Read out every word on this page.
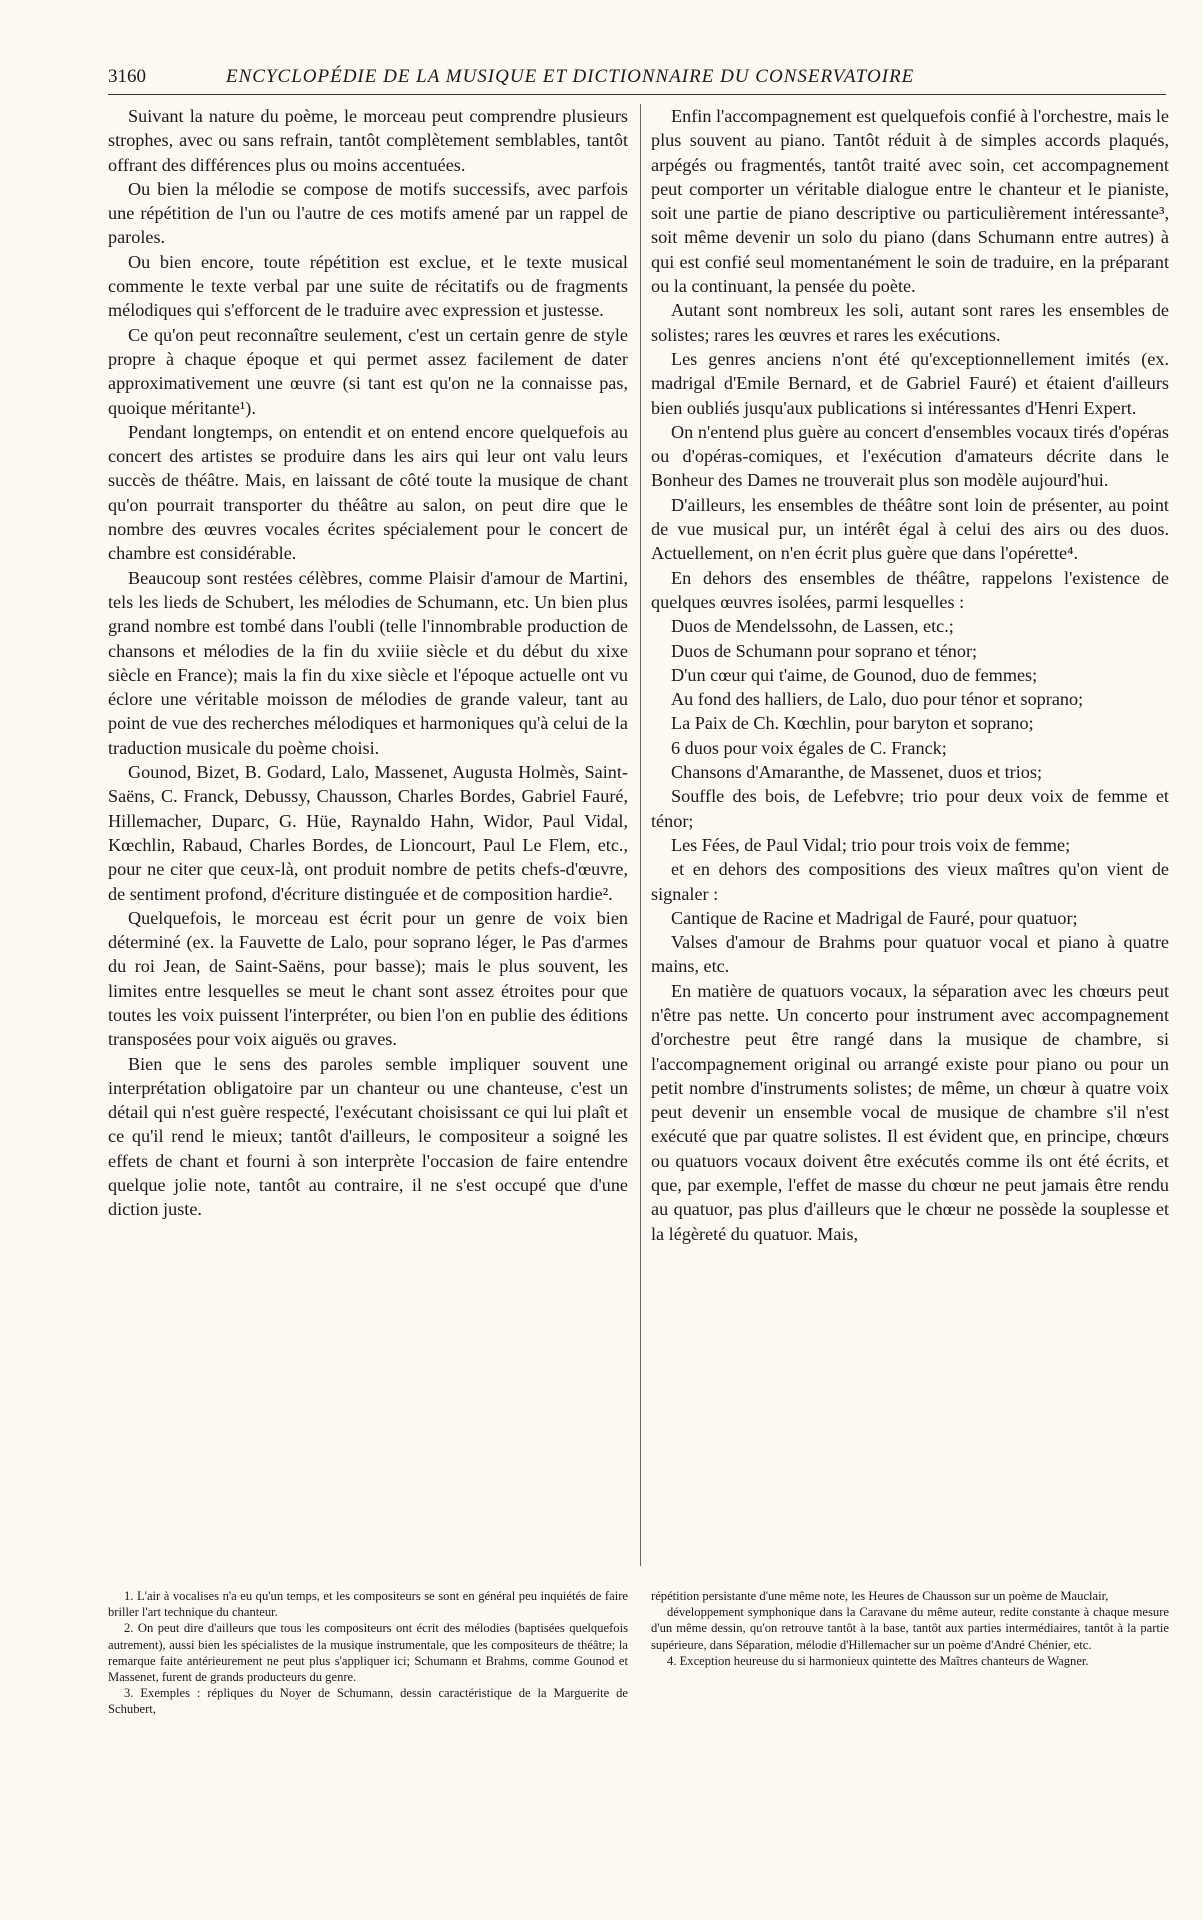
3160	ENCYCLOPÉDIE DE LA MUSIQUE ET DICTIONNAIRE DU CONSERVATOIRE

Suivant la nature du poème, le morceau peut comprendre plusieurs strophes, avec ou sans refrain, tantôt complètement semblables, tantôt offrant des différences plus ou moins accentuées.

Ou bien la mélodie se compose de motifs successifs, avec parfois une répétition de l'un ou l'autre de ces motifs amené par un rappel de paroles.

Ou bien encore, toute répétition est exclue, et le texte musical commente le texte verbal par une suite de récitatifs ou de fragments mélodiques qui s'efforcent de le traduire avec expression et justesse.

Ce qu'on peut reconnaître seulement, c'est un certain genre de style propre à chaque époque et qui permet assez facilement de dater approximativement une œuvre (si tant est qu'on ne la connaisse pas, quoique méritante¹).

Pendant longtemps, on entendit et on entend encore quelquefois au concert des artistes se produire dans les airs qui leur ont valu leurs succès de théâtre. Mais, en laissant de côté toute la musique de chant qu'on pourrait transporter du théâtre au salon, on peut dire que le nombre des œuvres vocales écrites spécialement pour le concert de chambre est considérable.

Beaucoup sont restées célèbres, comme Plaisir d'amour de Martini, tels les lieds de Schubert, les mélodies de Schumann, etc. Un bien plus grand nombre est tombé dans l'oubli (telle l'innombrable production de chansons et mélodies de la fin du xviiie siècle et du début du xixe siècle en France); mais la fin du xixe siècle et l'époque actuelle ont vu éclore une véritable moisson de mélodies de grande valeur, tant au point de vue des recherches mélodiques et harmoniques qu'à celui de la traduction musicale du poème choisi.

Gounod, Bizet, B. Godard, Lalo, Massenet, Augusta Holmès, Saint-Saëns, C. Franck, Debussy, Chausson, Charles Bordes, Gabriel Fauré, Hillemacher, Duparc, G. Hüe, Raynaldo Hahn, Widor, Paul Vidal, Kœchlin, Rabaud, Charles Bordes, de Lioncourt, Paul Le Flem, etc., pour ne citer que ceux-là, ont produit nombre de petits chefs-d'œuvre, de sentiment profond, d'écriture distinguée et de composition hardie².

Quelquefois, le morceau est écrit pour un genre de voix bien déterminé (ex. la Fauvette de Lalo, pour soprano léger, le Pas d'armes du roi Jean, de Saint-Saëns, pour basse); mais le plus souvent, les limites entre lesquelles se meut le chant sont assez étroites pour que toutes les voix puissent l'interpréter, ou bien l'on en publie des éditions transposées pour voix aiguës ou graves.

Bien que le sens des paroles semble impliquer souvent une interprétation obligatoire par un chanteur ou une chanteuse, c'est un détail qui n'est guère respecté, l'exécutant choisissant ce qui lui plaît et ce qu'il rend le mieux; tantôt d'ailleurs, le compositeur a soigné les effets de chant et fourni à son interprète l'occasion de faire entendre quelque jolie note, tantôt au contraire, il ne s'est occupé que d'une diction juste.

Enfin l'accompagnement est quelquefois confié à l'orchestre, mais le plus souvent au piano. Tantôt réduit à de simples accords plaqués, arpégés ou fragmentés, tantôt traité avec soin, cet accompagnement peut comporter un véritable dialogue entre le chanteur et le pianiste, soit une partie de piano descriptive ou particulièrement intéressante³, soit même devenir un solo du piano (dans Schumann entre autres) à qui est confié seul momentanément le soin de traduire, en la préparant ou la continuant, la pensée du poète.

Autant sont nombreux les soli, autant sont rares les ensembles de solistes; rares les œuvres et rares les exécutions.

Les genres anciens n'ont été qu'exceptionnellement imités (ex. madrigal d'Emile Bernard, et de Gabriel Fauré) et étaient d'ailleurs bien oubliés jusqu'aux publications si intéressantes d'Henri Expert.

On n'entend plus guère au concert d'ensembles vocaux tirés d'opéras ou d'opéras-comiques, et l'exécution d'amateurs décrite dans le Bonheur des Dames ne trouverait plus son modèle aujourd'hui.

D'ailleurs, les ensembles de théâtre sont loin de présenter, au point de vue musical pur, un intérêt égal à celui des airs ou des duos. Actuellement, on n'en écrit plus guère que dans l'opérette⁴.

En dehors des ensembles de théâtre, rappelons l'existence de quelques œuvres isolées, parmi lesquelles :

Duos de Mendelssohn, de Lassen, etc.;

Duos de Schumann pour soprano et ténor;

D'un cœur qui t'aime, de Gounod, duo de femmes;

Au fond des halliers, de Lalo, duo pour ténor et soprano;

La Paix de Ch. Kœchlin, pour baryton et soprano;

6 duos pour voix égales de C. Franck;

Chansons d'Amaranthe, de Massenet, duos et trios;

Souffle des bois, de Lefebvre; trio pour deux voix de femme et ténor;

Les Fées, de Paul Vidal; trio pour trois voix de femme;

et en dehors des compositions des vieux maîtres qu'on vient de signaler :

Cantique de Racine et Madrigal de Fauré, pour quatuor;

Valses d'amour de Brahms pour quatuor vocal et piano à quatre mains, etc.

En matière de quatuors vocaux, la séparation avec les chœurs peut n'être pas nette. Un concerto pour instrument avec accompagnement d'orchestre peut être rangé dans la musique de chambre, si l'accompagnement original ou arrangé existe pour piano ou pour un petit nombre d'instruments solistes; de même, un chœur à quatre voix peut devenir un ensemble vocal de musique de chambre s'il n'est exécuté que par quatre solistes. Il est évident que, en principe, chœurs ou quatuors vocaux doivent être exécutés comme ils ont été écrits, et que, par exemple, l'effet de masse du chœur ne peut jamais être rendu au quatuor, pas plus d'ailleurs que le chœur ne possède la souplesse et la légèreté du quatuor. Mais,

1. L'air à vocalises n'a eu qu'un temps, et les compositeurs se sont en général peu inquiétés de faire briller l'art technique du chanteur.

2. On peut dire d'ailleurs que tous les compositeurs ont écrit des mélodies (baptisées quelquefois autrement), aussi bien les spécialistes de la musique instrumentale, que les compositeurs de théâtre; la remarque faite antérieurement ne peut plus s'appliquer ici; Schumann et Brahms, comme Gounod et Massenet, furent de grands producteurs du genre.

3. Exemples : répliques du Noyer de Schumann, dessin caractéristique de la Marguerite de Schubert,

répétition persistante d'une même note, les Heures de Chausson sur un poème de Mauclair,

développement symphonique dans la Caravane du même auteur, redite constante à chaque mesure d'un même dessin, qu'on retrouve tantôt à la base, tantôt aux parties intermédiaires, tantôt à la partie supérieure, dans Séparation, mélodie d'Hillemacher sur un poème d'André Chénier, etc.

4. Exception heureuse du si harmonieux quintette des Maîtres chanteurs de Wagner.
